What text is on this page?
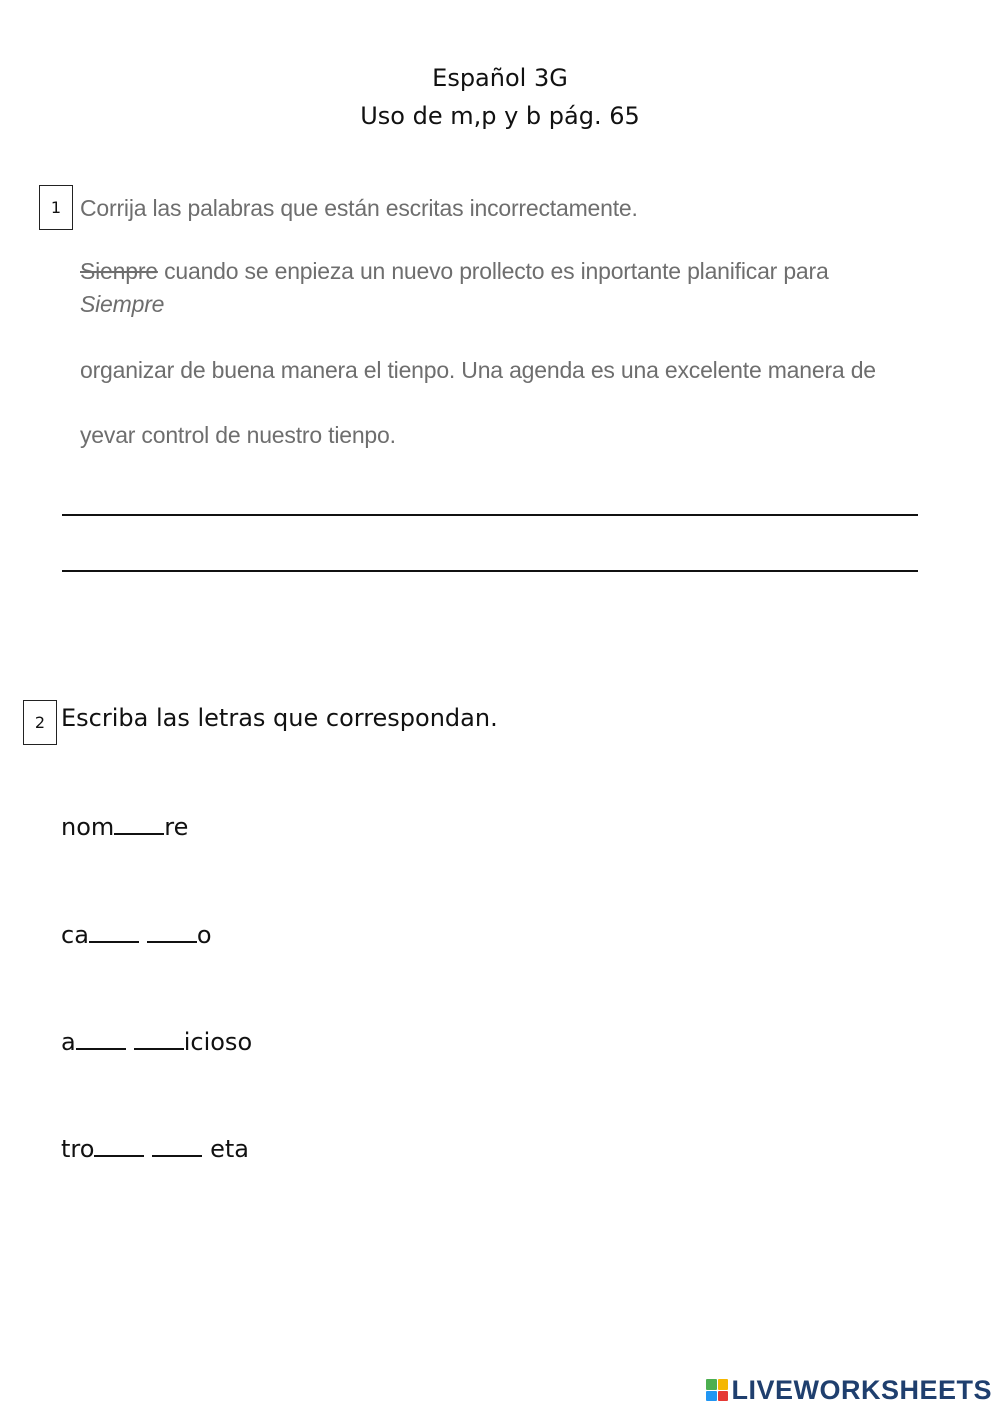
Español 3G
Uso de m,p y b pág. 65
1 Corrija las palabras que están escritas incorrectamente.
Sienpre cuando se enpieza un nuevo prollecto es inportante planificar para
Siempre
organizar de buena manera el tienpo. Una agenda es una excelente manera de
yevar control de nuestro tienpo.
2 Escriba las letras que correspondan.
nom re
ca	o
a	icioso
tro	eta
LIVEWORKSHEETS
